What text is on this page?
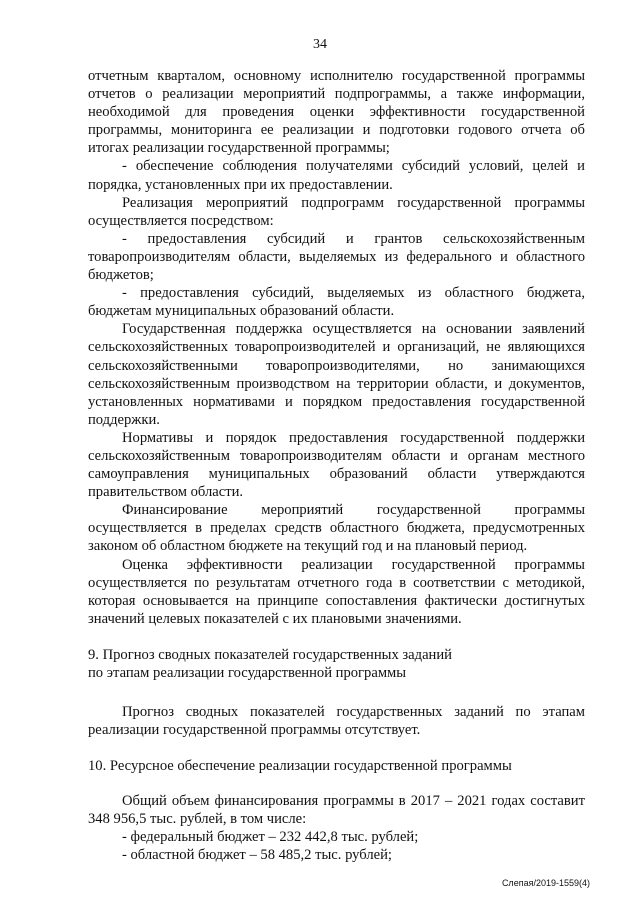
34

отчетным кварталом, основному исполнителю государственной программы отчетов о реализации мероприятий подпрограммы, а также информации, необходимой для проведения оценки эффективности государственной программы, мониторинга ее реализации и подготовки годового отчета об итогах реализации государственной программы;

- обеспечение соблюдения получателями субсидий условий, целей и порядка, установленных при их предоставлении.

Реализация мероприятий подпрограмм государственной программы осуществляется посредством:

- предоставления субсидий и грантов сельскохозяйственным товаропроизводителям области, выделяемых из федерального и областного бюджетов;

- предоставления субсидий, выделяемых из областного бюджета, бюджетам муниципальных образований области.

Государственная поддержка осуществляется на основании заявлений сельскохозяйственных товаропроизводителей и организаций, не являющихся сельскохозяйственными товаропроизводителями, но занимающихся сельскохозяйственным производством на территории области, и документов, установленных нормативами и порядком предоставления государственной поддержки.

Нормативы и порядок предоставления государственной поддержки сельскохозяйственным товаропроизводителям области и органам местного самоуправления муниципальных образований области утверждаются правительством области.

Финансирование мероприятий государственной программы осуществляется в пределах средств областного бюджета, предусмотренных законом об областном бюджете на текущий год и на плановый период.

Оценка эффективности реализации государственной программы осуществляется по результатам отчетного года в соответствии с методикой, которая основывается на принципе сопоставления фактически достигнутых значений целевых показателей с их плановыми значениями.

9. Прогноз сводных показателей государственных заданий
по этапам реализации государственной программы

Прогноз сводных показателей государственных заданий по этапам реализации государственной программы отсутствует.

10. Ресурсное обеспечение реализации государственной программы

Общий объем финансирования программы в 2017 – 2021 годах составит 348 956,5 тыс. рублей, в том числе:

- федеральный бюджет – 232 442,8 тыс. рублей;

- областной бюджет – 58 485,2 тыс. рублей;

Слепая/2019-1559(4)
